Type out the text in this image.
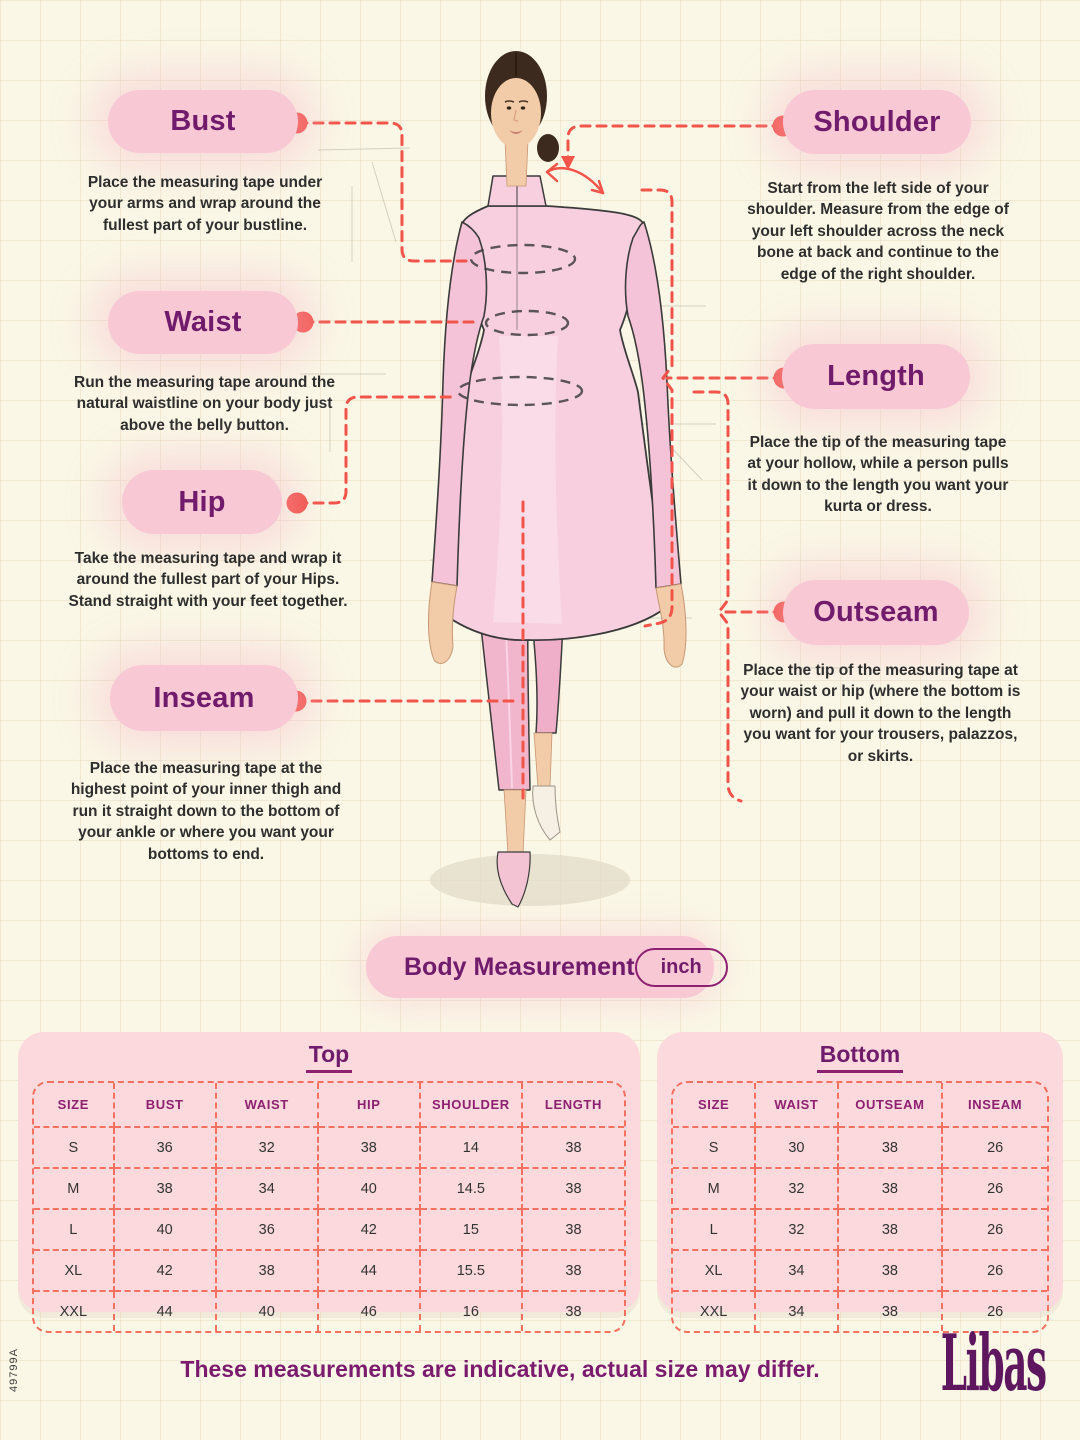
Bust
Place the measuring tape under your arms and wrap around the fullest part of your bustline.
Waist
Run the measuring tape around the natural waistline on your body just above the belly button.
Hip
Take the measuring tape and wrap it around the fullest part of your Hips. Stand straight with your feet together.
Inseam
Place the measuring tape at the highest point of your inner thigh and run it straight down to the bottom of your ankle or where you want your bottoms to end.
Shoulder
Start from the left side of your shoulder. Measure from the edge of your left shoulder across the neck bone at back and continue to the edge of the right shoulder.
Length
Place the tip of the measuring tape at your hollow, while a person pulls it down to the length you want your kurta or dress.
Outseam
Place the tip of the measuring tape at your waist or hip (where the bottom is worn) and pull it down to the length you want for your trousers, palazzos, or skirts.
Body Measurement	inch
Top
SIZE	BUST	WAIST	HIP	SHOULDER	LENGTH
S	36	32	38	14	38
M	38	34	40	14.5	38
L	40	36	42	15	38
XL	42	38	44	15.5	38
XXL	44	40	46	16	38
Bottom
SIZE	WAIST	OUTSEAM	INSEAM
S	30	38	26
M	32	38	26
L	32	38	26
XL	34	38	26
XXL	34	38	26
These measurements are indicative, actual size may differ.	Libas
49799A
